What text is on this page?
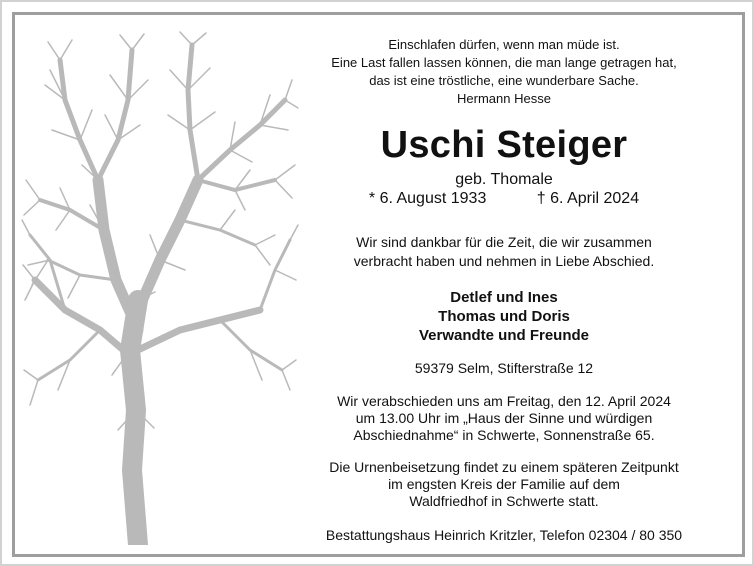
Einschlafen dürfen, wenn man müde ist.
Eine Last fallen lassen können, die man lange getragen hat,
das ist eine tröstliche, eine wunderbare Sache.
Hermann Hesse
Uschi Steiger
geb. Thomale
* 6. August 1933	† 6. April 2024
Wir sind dankbar für die Zeit, die wir zusammen
verbracht haben und nehmen in Liebe Abschied.
Detlef und Ines
Thomas und Doris
Verwandte und Freunde
59379 Selm, Stifterstraße 12
Wir verabschieden uns am Freitag, den 12. April 2024
um 13.00 Uhr im „Haus der Sinne und würdigen
Abschiednahme“ in Schwerte, Sonnenstraße 65.
Die Urnenbeisetzung findet zu einem späteren Zeitpunkt
im engsten Kreis der Familie auf dem
Waldfriedhof in Schwerte statt.
Bestattungshaus Heinrich Kritzler, Telefon 02304 / 80 350
